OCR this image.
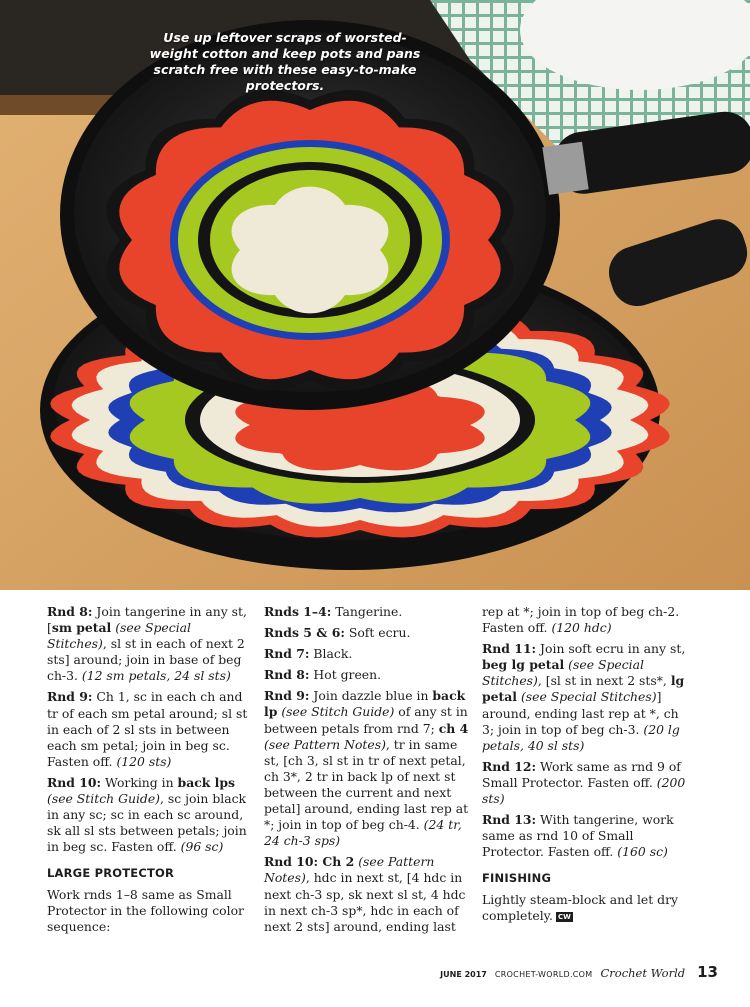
Use up leftover scraps of worsted-weight cotton and keep pots and pans scratch free with these easy-to-make protectors.
Rnd 8: Join tangerine in any st, [sm petal (see Special Stitches), sl st in each of next 2 sts] around; join in base of beg ch-3. (12 sm petals, 24 sl sts)
Rnd 9: Ch 1, sc in each ch and tr of each sm petal around; sl st in each of 2 sl sts in between each sm petal; join in beg sc. Fasten off. (120 sts)
Rnd 10: Working in back lps (see Stitch Guide), sc join black in any sc; sc in each sc around, sk all sl sts between petals; join in beg sc. Fasten off. (96 sc)
LARGE PROTECTOR
Work rnds 1–8 same as Small Protector in the following color sequence:
Rnds 1–4: Tangerine.
Rnds 5 & 6: Soft ecru.
Rnd 7: Black.
Rnd 8: Hot green.
Rnd 9: Join dazzle blue in back lp (see Stitch Guide) of any st in between petals from rnd 7; ch 4 (see Pattern Notes), tr in same st, [ch 3, sl st in tr of next petal, ch 3*, 2 tr in back lp of next st between the current and next petal] around, ending last rep at *; join in top of beg ch-4. (24 tr, 24 ch-3 sps)
Rnd 10: Ch 2 (see Pattern Notes), hdc in next st, [4 hdc in next ch-3 sp, sk next sl st, 4 hdc in next ch-3 sp*, hdc in each of next 2 sts] around, ending last
rep at *; join in top of beg ch-2. Fasten off. (120 hdc)
Rnd 11: Join soft ecru in any st, beg lg petal (see Special Stitches), [sl st in next 2 sts*, lg petal (see Special Stitches)] around, ending last rep at *, ch 3; join in top of beg ch-3. (20 lg petals, 40 sl sts)
Rnd 12: Work same as rnd 9 of Small Protector. Fasten off. (200 sts)
Rnd 13: With tangerine, work same as rnd 10 of Small Protector. Fasten off. (160 sc)
FINISHING
Lightly steam-block and let dry completely. CW
JUNE 2017 CROCHET-WORLD.COM Crochet World 13
